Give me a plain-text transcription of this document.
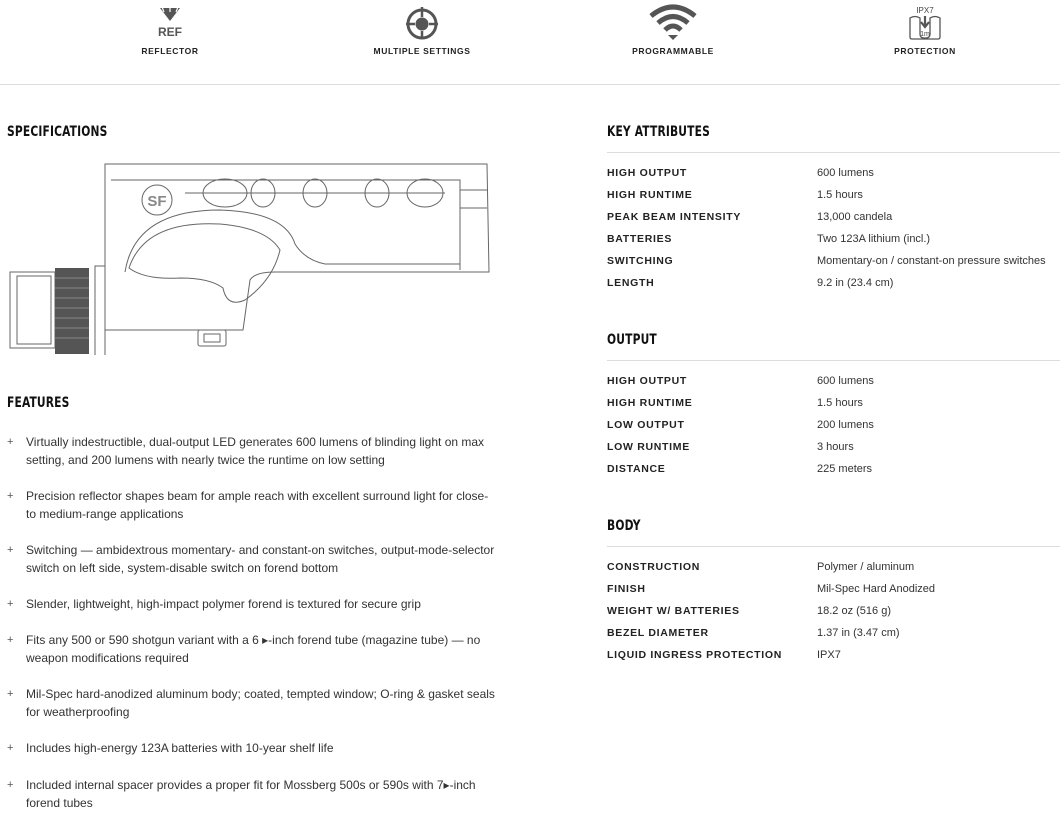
REF
REFLECTOR	MULTIPLE SETTINGS	PROGRAMMABLE
IPX7
1m
PROTECTION
SPECIFICATIONS
SF
FEATURES
+ Virtually indestructible, dual-output LED generates 600 lumens of blinding light on max setting, and 200 lumens with nearly twice the runtime on low setting
+ Precision reflector shapes beam for ample reach with excellent surround light for close- to medium-range applications
+ Switching — ambidextrous momentary- and constant-on switches, output-mode-selector switch on left side, system-disable switch on forend bottom
+ Slender, lightweight, high-impact polymer forend is textured for secure grip
+ Fits any 500 or 590 shotgun variant with a 6 ▸-inch forend tube (magazine tube) — no weapon modifications required
+ Mil-Spec hard-anodized aluminum body; coated, tempted window; O-ring & gasket seals for weatherproofing
+ Includes high-energy 123A batteries with 10-year shelf life
+ Included internal spacer provides a proper fit for Mossberg 500s or 590s with 7▸-inch forend tubes
KEY ATTRIBUTES
HIGH OUTPUT	600 lumens
HIGH RUNTIME	1.5 hours
PEAK BEAM INTENSITY	13,000 candela
BATTERIES	Two 123A lithium (incl.)
SWITCHING	Momentary-on / constant-on pressure switches
LENGTH	9.2 in (23.4 cm)
OUTPUT
HIGH OUTPUT	600 lumens
HIGH RUNTIME	1.5 hours
LOW OUTPUT	200 lumens
LOW RUNTIME	3 hours
DISTANCE	225 meters
BODY
CONSTRUCTION	Polymer / aluminum
FINISH	Mil-Spec Hard Anodized
WEIGHT W/ BATTERIES	18.2 oz (516 g)
BEZEL DIAMETER	1.37 in (3.47 cm)
LIQUID INGRESS PROTECTION	IPX7
